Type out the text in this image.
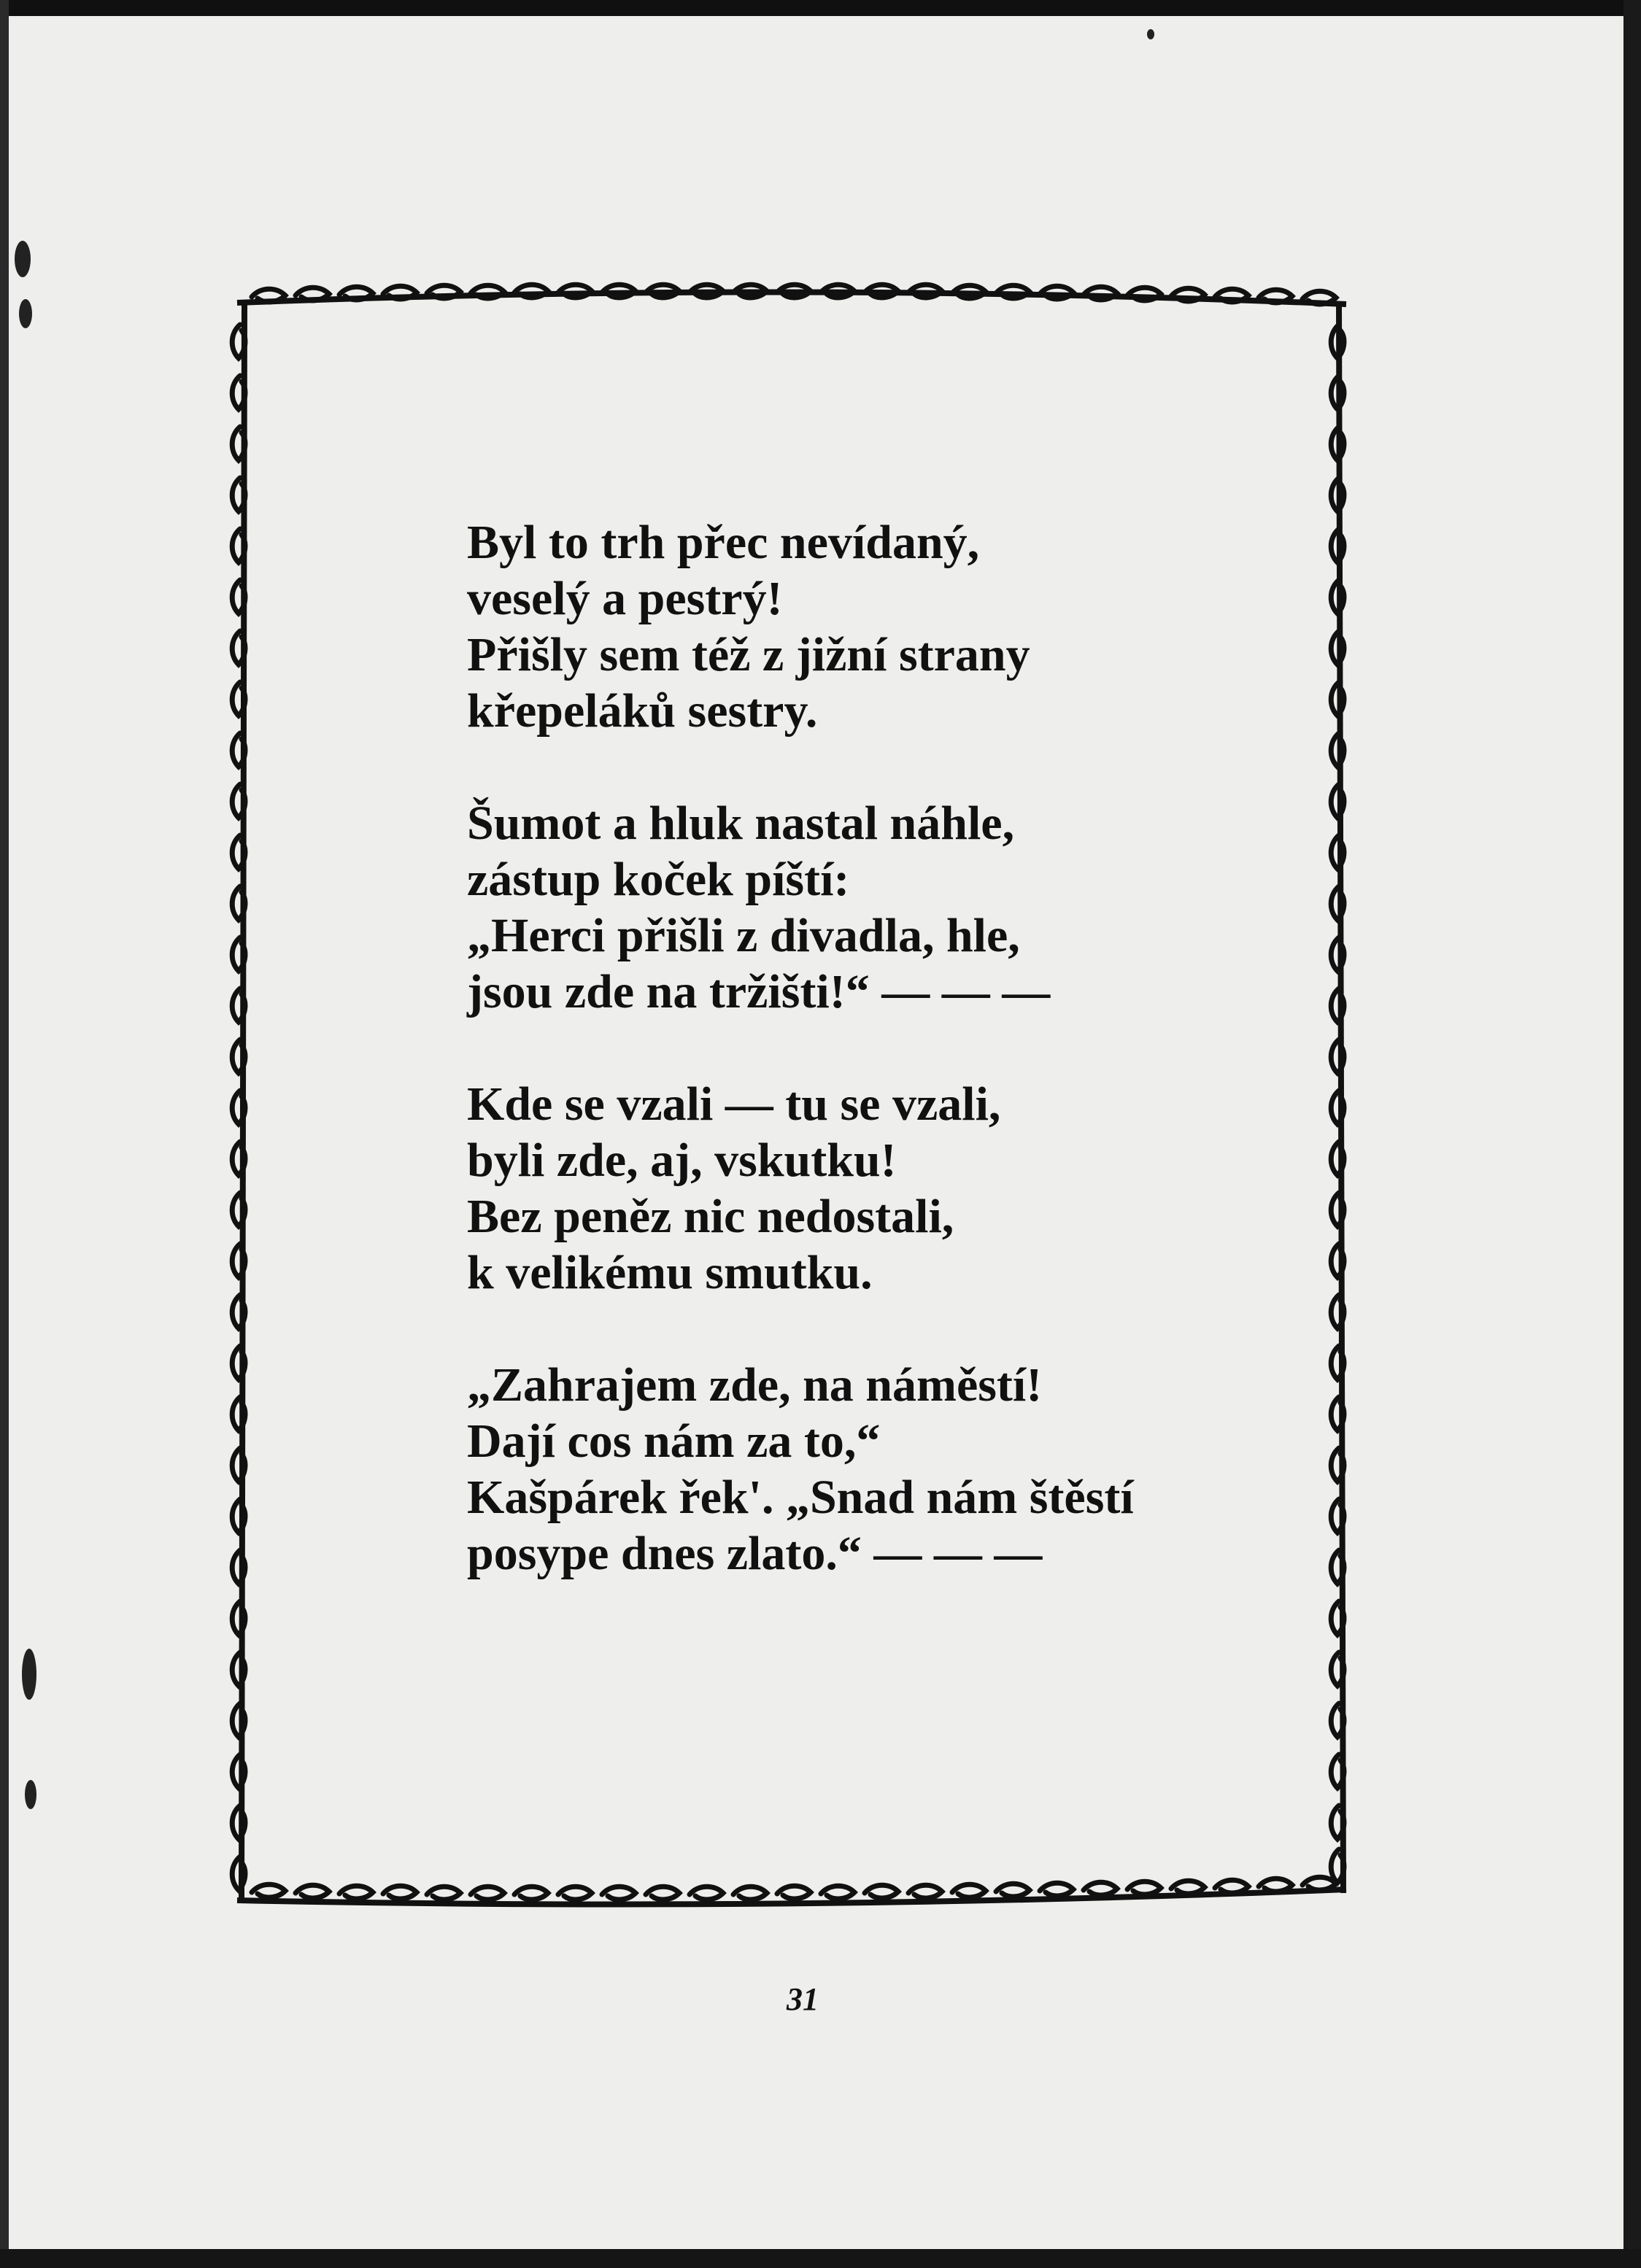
Byl to trh přec nevídaný,
veselý a pestrý!
Přišly sem též z jižní strany
křepeláků sestry.
Šumot a hluk nastal náhle,
zástup koček píští:
„Herci přišli z divadla, hle,
jsou zde na tržišti!“ — — —
Kde se vzali — tu se vzali,
byli zde, aj, vskutku!
Bez peněz nic nedostali,
k velikému smutku.
„Zahrajem zde, na náměstí!
Dají cos nám za to,“
Kašpárek řek'. „Snad nám štěstí
posype dnes zlato.“ — — —
31
